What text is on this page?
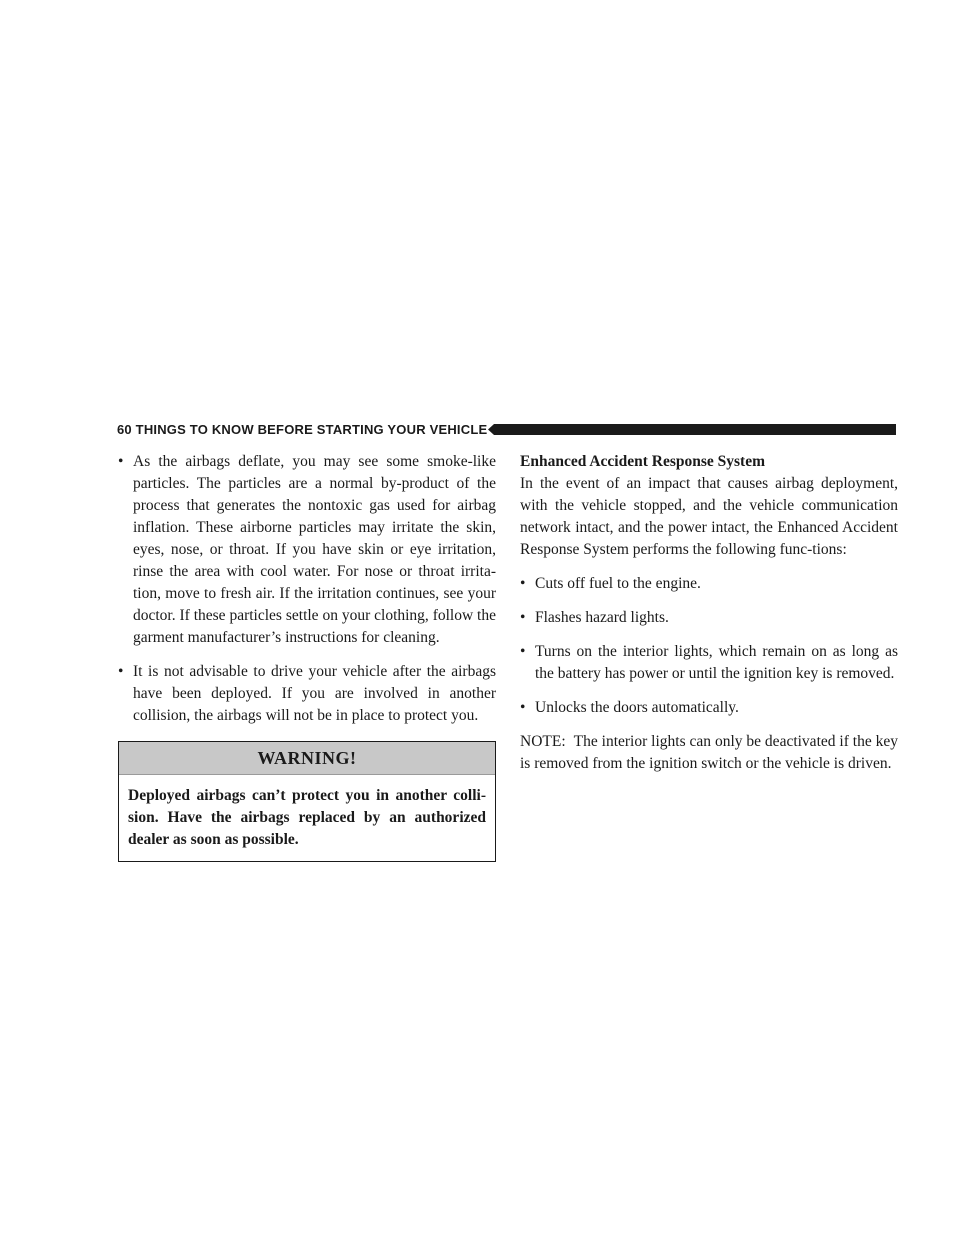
60 THINGS TO KNOW BEFORE STARTING YOUR VEHICLE
• As the airbags deflate, you may see some smoke-like particles. The particles are a normal by-product of the process that generates the nontoxic gas used for airbag inflation. These airborne particles may irritate the skin, eyes, nose, or throat. If you have skin or eye irritation, rinse the area with cool water. For nose or throat irrita-tion, move to fresh air. If the irritation continues, see your doctor. If these particles settle on your clothing, follow the garment manufacturer’s instructions for cleaning.
• It is not advisable to drive your vehicle after the airbags have been deployed. If you are involved in another collision, the airbags will not be in place to protect you.
WARNING!
Deployed airbags can’t protect you in another colli-sion. Have the airbags replaced by an authorized dealer as soon as possible.

Enhanced Accident Response System

In the event of an impact that causes airbag deployment, with the vehicle stopped, and the vehicle communication network intact, and the power intact, the Enhanced Accident Response System performs the following func-tions:

• Cuts off fuel to the engine.
• Flashes hazard lights.
• Turns on the interior lights, which remain on as long as the battery has power or until the ignition key is removed.
• Unlocks the doors automatically.

NOTE: The interior lights can only be deactivated if the key is removed from the ignition switch or the vehicle is driven.
